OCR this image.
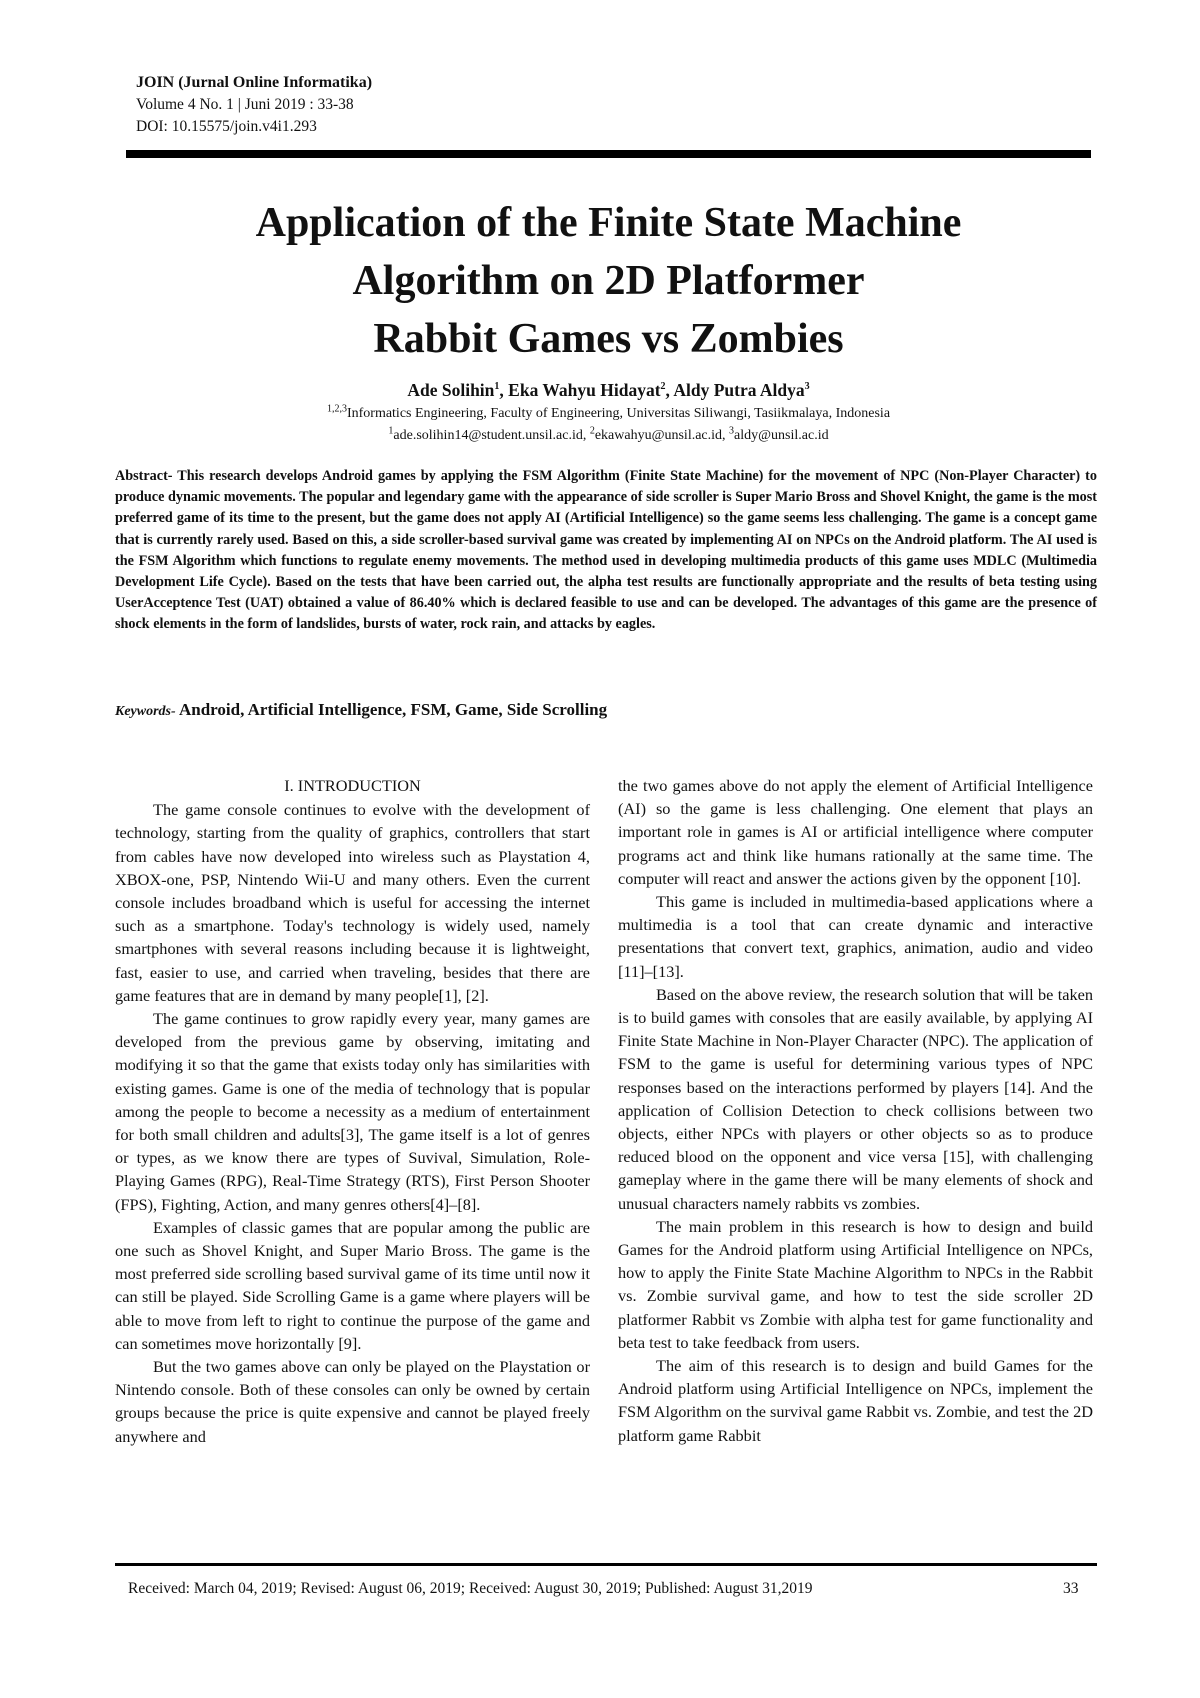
JOIN (Jurnal Online Informatika)
Volume 4 No. 1 | Juni 2019 : 33-38
DOI: 10.15575/join.v4i1.293
Application of the Finite State Machine
Algorithm on 2D Platformer
Rabbit Games vs Zombies
Ade Solihin$^1$, Eka Wahyu Hidayat$^2$, Aldy Putra Aldya$^3$
$^{1,2,3}$Informatics Engineering, Faculty of Engineering, Universitas Siliwangi, Tasiikmalaya, Indonesia
$^1$ade.solihin14@student.unsil.ac.id, $^2$ekawahyu@unsil.ac.id, $^3$aldy@unsil.ac.id
Abstract- This research develops Android games by applying the FSM Algorithm (Finite State Machine) for the movement of NPC (Non-Player Character) to produce dynamic movements. The popular and legendary game with the appearance of side scroller is Super Mario Bross and Shovel Knight, the game is the most preferred game of its time to the present, but the game does not apply AI (Artificial Intelligence) so the game seems less challenging. The game is a concept game that is currently rarely used. Based on this, a side scroller-based survival game was created by implementing AI on NPCs on the Android platform. The AI used is the FSM Algorithm which functions to regulate enemy movements. The method used in developing multimedia products of this game uses MDLC (Multimedia Development Life Cycle). Based on the tests that have been carried out, the alpha test results are functionally appropriate and the results of beta testing using UserAcceptence Test (UAT) obtained a value of 86.40% which is declared feasible to use and can be developed. The advantages of this game are the presence of shock elements in the form of landslides, bursts of water, rock rain, and attacks by eagles.
Keywords- Android, Artificial Intelligence, FSM, Game, Side Scrolling
I. INTRODUCTION

The game console continues to evolve with the development of technology, starting from the quality of graphics, controllers that start from cables have now developed into wireless such as Playstation 4, XBOX-one, PSP, Nintendo Wii-U and many others. Even the current console includes broadband which is useful for accessing the internet such as a smartphone. Today's technology is widely used, namely smartphones with several reasons including because it is lightweight, fast, easier to use, and carried when traveling, besides that there are game features that are in demand by many people[1], [2].

The game continues to grow rapidly every year, many games are developed from the previous game by observing, imitating and modifying it so that the game that exists today only has similarities with existing games. Game is one of the media of technology that is popular among the people to become a necessity as a medium of entertainment for both small children and adults[3], The game itself is a lot of genres or types, as we know there are types of Suvival, Simulation, Role-Playing Games (RPG), Real-Time Strategy (RTS), First Person Shooter (FPS), Fighting, Action, and many genres others[4]–[8].

Examples of classic games that are popular among the public are one such as Shovel Knight, and Super Mario Bross. The game is the most preferred side scrolling based survival game of its time until now it can still be played. Side Scrolling Game is a game where players will be able to move from left to right to continue the purpose of the game and can sometimes move horizontally [9].

But the two games above can only be played on the Playstation or Nintendo console. Both of these consoles can only be owned by certain groups because the price is quite expensive and cannot be played freely anywhere and

the two games above do not apply the element of Artificial Intelligence (AI) so the game is less challenging. One element that plays an important role in games is AI or artificial intelligence where computer programs act and think like humans rationally at the same time. The computer will react and answer the actions given by the opponent [10].

This game is included in multimedia-based applications where a multimedia is a tool that can create dynamic and interactive presentations that convert text, graphics, animation, audio and video [11]–[13].

Based on the above review, the research solution that will be taken is to build games with consoles that are easily available, by applying AI Finite State Machine in Non-Player Character (NPC). The application of FSM to the game is useful for determining various types of NPC responses based on the interactions performed by players [14]. And the application of Collision Detection to check collisions between two objects, either NPCs with players or other objects so as to produce reduced blood on the opponent and vice versa [15], with challenging gameplay where in the game there will be many elements of shock and unusual characters namely rabbits vs zombies.

The main problem in this research is how to design and build Games for the Android platform using Artificial Intelligence on NPCs, how to apply the Finite State Machine Algorithm to NPCs in the Rabbit vs. Zombie survival game, and how to test the side scroller 2D platformer Rabbit vs Zombie with alpha test for game functionality and beta test to take feedback from users.

The aim of this research is to design and build Games for the Android platform using Artificial Intelligence on NPCs, implement the FSM Algorithm on the survival game Rabbit vs. Zombie, and test the 2D platform game Rabbit

Received: March 04, 2019; Revised: August 06, 2019; Received: August 30, 2019; Published: August 31,2019	33
